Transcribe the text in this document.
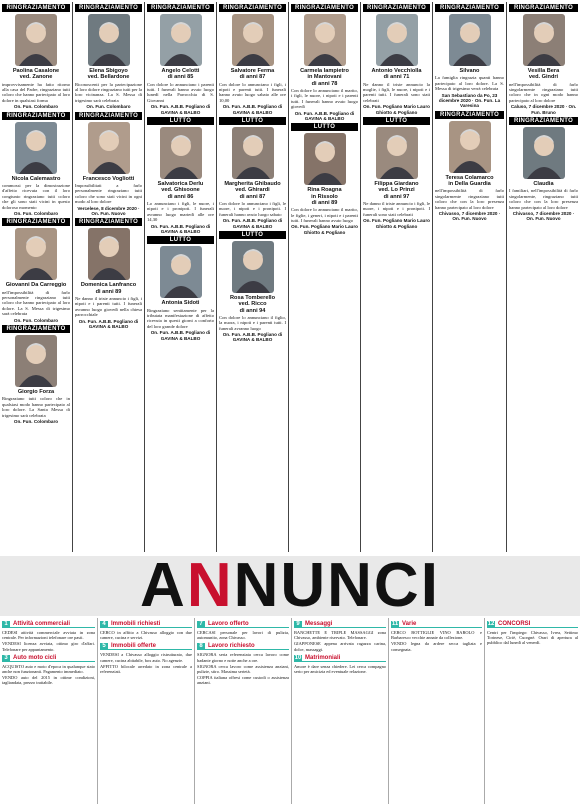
RINGRAZIAMENTO
Paolina Casalone
ved. Zanone
improvvisamente ha fatto ritorno alla casa del Padre, ringraziano tutti coloro che hanno partecipato al loro dolore in qualsiasi forma
On. Fun. Colombaro
RINGRAZIAMENTO
Nicola Calemastro
commossi per la dimostrazione d'affetto ricevuta con il loro congiunto ringraziano tutti coloro che gli sono stati vicini in questo doloroso momento
On. Fun. Colombaro
RINGRAZIAMENTO
Giovanni Da Carreggio
nell'impossibilità di farlo personalmente ringraziano tutti coloro che hanno partecipato al loro dolore. La S. Messa di trigesimo sarà celebrata
On. Fun. Colombaro
RINGRAZIAMENTO
Giorgio Forza
Ringraziano tutti coloro che in qualsiasi modo hanno partecipato al loro dolore. La Santa Messa di trigesimo sarà celebrata
On. Fun. Colombaro
RINGRAZIAMENTO
Elena Sbigoyo
ved. Bellardone
Riconoscenti per la partecipazione al loro dolore ringraziano tutti per la loro vicinanza. La S. Messa di trigesimo sarà celebrata
On. Fun. Colombaro
RINGRAZIAMENTO
Francesco Vogliotti
Impossibilitati a farlo personalmente ringraziano tutti coloro che sono stati vicini in ogni modo al loro dolore
Vercelese, 8 dicembre 2020 · On. Fun. Nuovo
RINGRAZIAMENTO
Domenica Lanfranco
di anni 89
Ne danno il triste annuncio i figli, i nipoti e i parenti tutti. I funerali avranno luogo giovedì nella chiesa parrocchiale
On. Fun. A.B.B. Pogliano di GAVINA & BALBO
RINGRAZIAMENTO
Angelo Celotti
di anni 85
Con dolore lo annunciano i parenti tutti. I funerali hanno avuto luogo lunedì nella Parrocchia di S. Giovanni
On. Fun. A.B.B. Pogliano di GAVINA & BALBO
LUTTO
Salvatorica Derlu
ved. Ghisoone
di anni 86
Lo annunciano i figli, le nuore, i nipoti e i pronipoti. I funerali avranno luogo martedì alle ore 14,30
On. Fun. A.B.B. Pogliano di GAVINA & BALBO
LUTTO
Antonia Sidoti
Ringraziano sentitamente per la tributata manifestazione di affetto ricevuta in questi giorni a conforto del loro grande dolore
On. Fun. A.B.B. Pogliano di GAVINA & BALBO
RINGRAZIAMENTO
Salvatore Ferma
di anni 87
Con dolore lo annunciano i figli, i nipoti e parenti tutti. I funerali hanno avuto luogo sabato alle ore 10,00
On. Fun. A.B.B. Pogliano di GAVINA & BALBO
LUTTO
Margherita Ghibaudo
ved. Ghirardi
di anni 87
Con dolore lo annunciano i figli, le nuore, i nipoti e i pronipoti. I funerali hanno avuto luogo sabato
On. Fun. A.B.B. Pogliano di GAVINA & BALBO
LUTTO
Rosa Tomberello
ved. Ricco
di anni 94
Con dolore lo annunciano il figlio, la nuora, i nipoti e i parenti tutti. I funerali avranno luogo
On. Fun. A.B.B. Pogliano di GAVINA & BALBO
RINGRAZIAMENTO
Carmela Iampietro
in Mantovani
di anni 78
Con dolore lo annunciano il marito, i figli, le nuore, i nipoti e i parenti tutti. I funerali hanno avuto luogo giovedì
On. Fun. A.B.B. Pogliano di GAVINA & BALBO
LUTTO
Rina Roagna
in Rissolo
di anni 89
Con dolore lo annunciano il marito, le figlie, i generi, i nipoti e i parenti tutti. I funerali hanno avuto luogo
On. Fun. Pogliano Mario Lauro Ghiotto & Pogliano
RINGRAZIAMENTO
Antonio Vecchiolla
di anni 71
Ne danno il triste annuncio la moglie, i figli, le nuore, i nipoti e i parenti tutti. I funerali sono stati celebrati
On. Fun. Pogliano Mario Lauro Ghiotto & Pogliano
LUTTO
Filippa Giardano
ved. Lo Prinzi
di anni 97
Ne danno il triste annuncio i figli, le nuore, i nipoti e i pronipoti. I funerali sono stati celebrati
On. Fun. Pogliano Mario Lauro Ghiotto & Pogliano
RINGRAZIAMENTO
Silvano
La famiglia ringrazia quanti hanno partecipato al loro dolore. La S. Messa di trigesimo verrà celebrata
San Sebastiano da Po, 23 dicembre 2020 · On. Fun. La Varesina
RINGRAZIAMENTO
Teresa Colamarco
in Della Guardia
nell'impossibilità di farlo singolarmente ringraziano tutti coloro che con la loro presenza hanno partecipato al loro dolore
Chivasso, 7 dicembre 2020 · On. Fun. Nuovo
RINGRAZIAMENTO
Vesilla Bera
ved. Gindri
nell'impossibilità di farlo singolarmente ringraziano tutti coloro che in ogni modo hanno partecipato al loro dolore
Caluso, 7 dicembre 2020 · On. Fun. Bruno
RINGRAZIAMENTO
Claudia
I familiari, nell'impossibilità di farlo singolarmente, ringraziano tutti coloro che con la loro presenza hanno partecipato al loro dolore
Chivasso, 7 dicembre 2020 · On. Fun. Nuovo
ANNUNCI
1 Attività commerciali
CEDESI attività commerciale avviata in zona centrale. Per informazioni telefonare ore pasti.
VENDESI licenza avviata, ottimo giro d'affari. Telefonare per appuntamento.
3 Auto moto cicli
ACQUISTO auto e moto d'epoca in qualunque stato anche non funzionanti. Pagamento immediato.
VENDO auto del 2015 in ottime condizioni, tagliandata, prezzo trattabile.
4 Immobili richiesti
CERCO in affitto a Chivasso alloggio con due camere, cucina e servizi.
5 Immobili offerte
VENDESI a Chivasso alloggio ristrutturato, due camere, cucina abitabile, box auto. No agenzie.
AFFITTO bilocale arredato in zona centrale a referenziati.
7 Lavoro offerto
CERCASI personale per lavori di pulizia, automunito, zona Chivasso.
8 Lavoro richiesto
SIGNORA seria referenziata cerca lavoro come badante giorno e notte anche a ore.
SIGNORA cerca lavoro come assistenza anziani, pulizie, stiro. Massima serietà.
COPPIA italiana offresi come custodi o assistenza anziani.
9 Messaggi
BANCHETTE E TRIPLE MASSAGGI zona Chivasso, ambiente riservato. Telefonare.
GIAPPONESE appena arrivata ragazza carina, dolce, massaggi.
10 Matrimoniali
Amore è dare senza chiedere. Lei cerca compagno serio per amicizia ed eventuale relazione.
11 Varie
CERCO BOTTIGLIE VINO BAROLO e Barbaresco vecchie annate da collezione.
VENDO legna da ardere secca tagliata e consegnata.
12 CONCORSI
Centri per l'impiego: Chivasso, Ivrea, Settimo Torinese, Ciriè, Cuorgnè. Orari di apertura al pubblico dal lunedì al venerdì.
